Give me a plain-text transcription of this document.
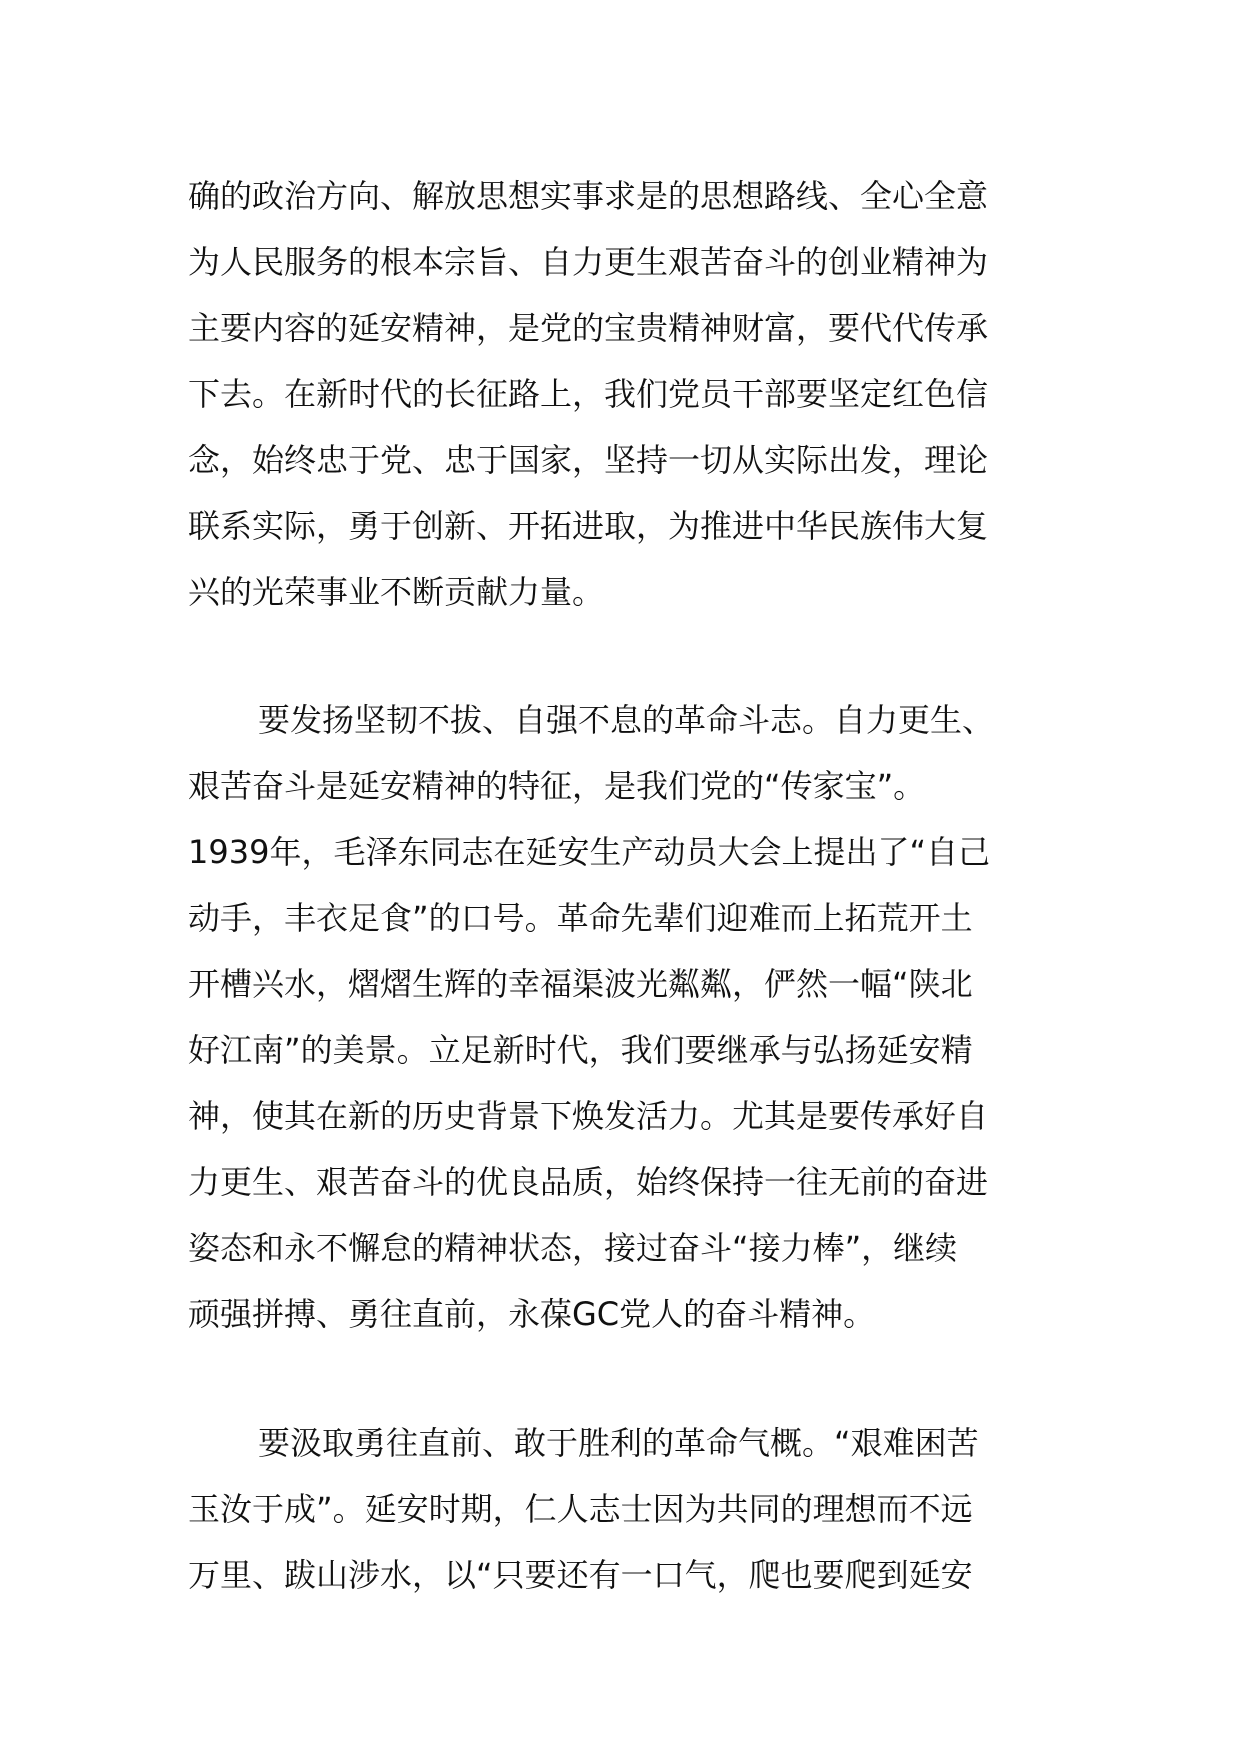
确的政治方向、解放思想实事求是的思想路线、全心全意
为人民服务的根本宗旨、自力更生艰苦奋斗的创业精神为
主要内容的延安精神，是党的宝贵精神财富，要代代传承
下去。在新时代的长征路上，我们党员干部要坚定红色信
念，始终忠于党、忠于国家，坚持一切从实际出发，理论
联系实际，勇于创新、开拓进取，为推进中华民族伟大复
兴的光荣事业不断贡献力量。
要发扬坚韧不拔、自强不息的革命斗志。自力更生、
艰苦奋斗是延安精神的特征，是我们党的“传家宝”。
1939年，毛泽东同志在延安生产动员大会上提出了“自己
动手，丰衣足食”的口号。革命先辈们迎难而上拓荒开土
开槽兴水，熠熠生辉的幸福渠波光粼粼，俨然一幅“陕北
好江南”的美景。立足新时代，我们要继承与弘扬延安精
神，使其在新的历史背景下焕发活力。尤其是要传承好自
力更生、艰苦奋斗的优良品质，始终保持一往无前的奋进
姿态和永不懈怠的精神状态，接过奋斗“接力棒”，继续
顽强拼搏、勇往直前，永葆GC党人的奋斗精神。
要汲取勇往直前、敢于胜利的革命气概。“艰难困苦
玉汝于成”。延安时期，仁人志士因为共同的理想而不远
万里、跋山涉水，以“只要还有一口气，爬也要爬到延安
